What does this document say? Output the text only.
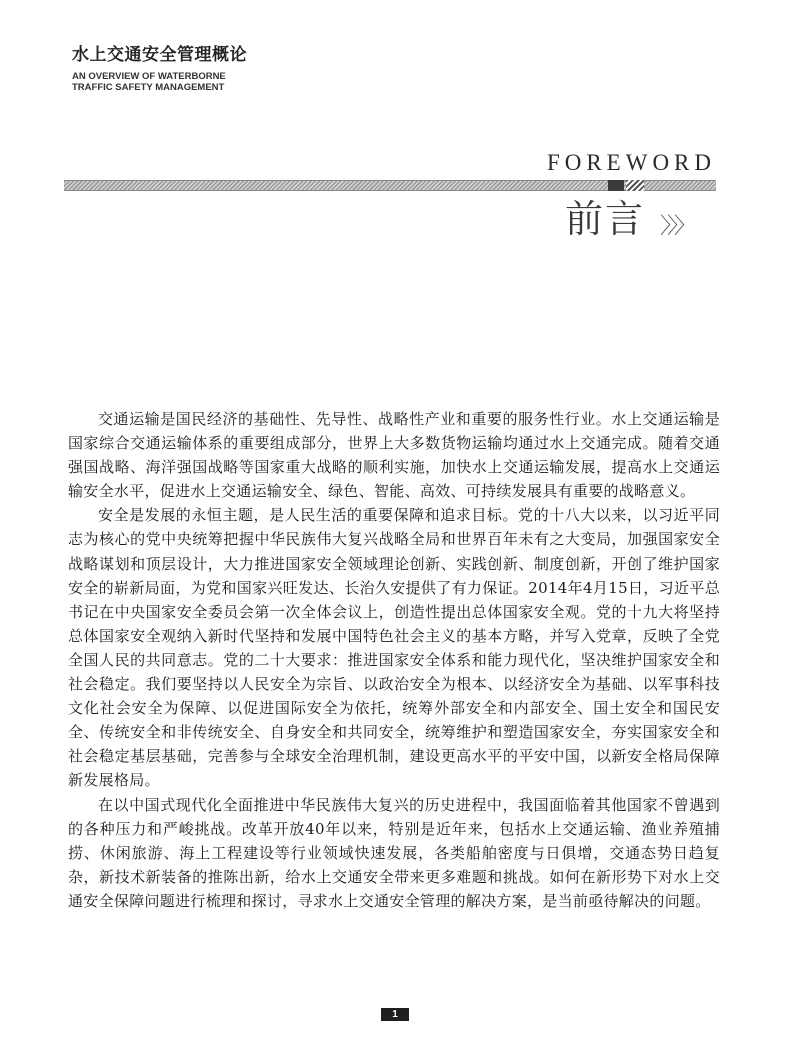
水上交通安全管理概论
AN OVERVIEW OF WATERBORNE TRAFFIC SAFETY MANAGEMENT
FOREWORD
前言 〉〉〉

交通运输是国民经济的基础性、先导性、战略性产业和重要的服务性行业。水上交通运输是国家综合交通运输体系的重要组成部分，世界上大多数货物运输均通过水上交通完成。随着交通强国战略、海洋强国战略等国家重大战略的顺利实施，加快水上交通运输发展，提高水上交通运输安全水平，促进水上交通运输安全、绿色、智能、高效、可持续发展具有重要的战略意义。

安全是发展的永恒主题，是人民生活的重要保障和追求目标。党的十八大以来，以习近平同志为核心的党中央统筹把握中华民族伟大复兴战略全局和世界百年未有之大变局，加强国家安全战略谋划和顶层设计，大力推进国家安全领域理论创新、实践创新、制度创新，开创了维护国家安全的崭新局面，为党和国家兴旺发达、长治久安提供了有力保证。2014年4月15日，习近平总书记在中央国家安全委员会第一次全体会议上，创造性提出总体国家安全观。党的十九大将坚持总体国家安全观纳入新时代坚持和发展中国特色社会主义的基本方略，并写入党章，反映了全党全国人民的共同意志。党的二十大要求：推进国家安全体系和能力现代化，坚决维护国家安全和社会稳定。我们要坚持以人民安全为宗旨、以政治安全为根本、以经济安全为基础、以军事科技文化社会安全为保障、以促进国际安全为依托，统筹外部安全和内部安全、国土安全和国民安全、传统安全和非传统安全、自身安全和共同安全，统筹维护和塑造国家安全，夯实国家安全和社会稳定基层基础，完善参与全球安全治理机制，建设更高水平的平安中国，以新安全格局保障新发展格局。

在以中国式现代化全面推进中华民族伟大复兴的历史进程中，我国面临着其他国家不曾遇到的各种压力和严峻挑战。改革开放40年以来，特别是近年来，包括水上交通运输、渔业养殖捕捞、休闲旅游、海上工程建设等行业领域快速发展，各类船舶密度与日俱增，交通态势日趋复杂，新技术新装备的推陈出新，给水上交通安全带来更多难题和挑战。如何在新形势下对水上交通安全保障问题进行梳理和探讨，寻求水上交通安全管理的解决方案，是当前亟待解决的问题。

1
